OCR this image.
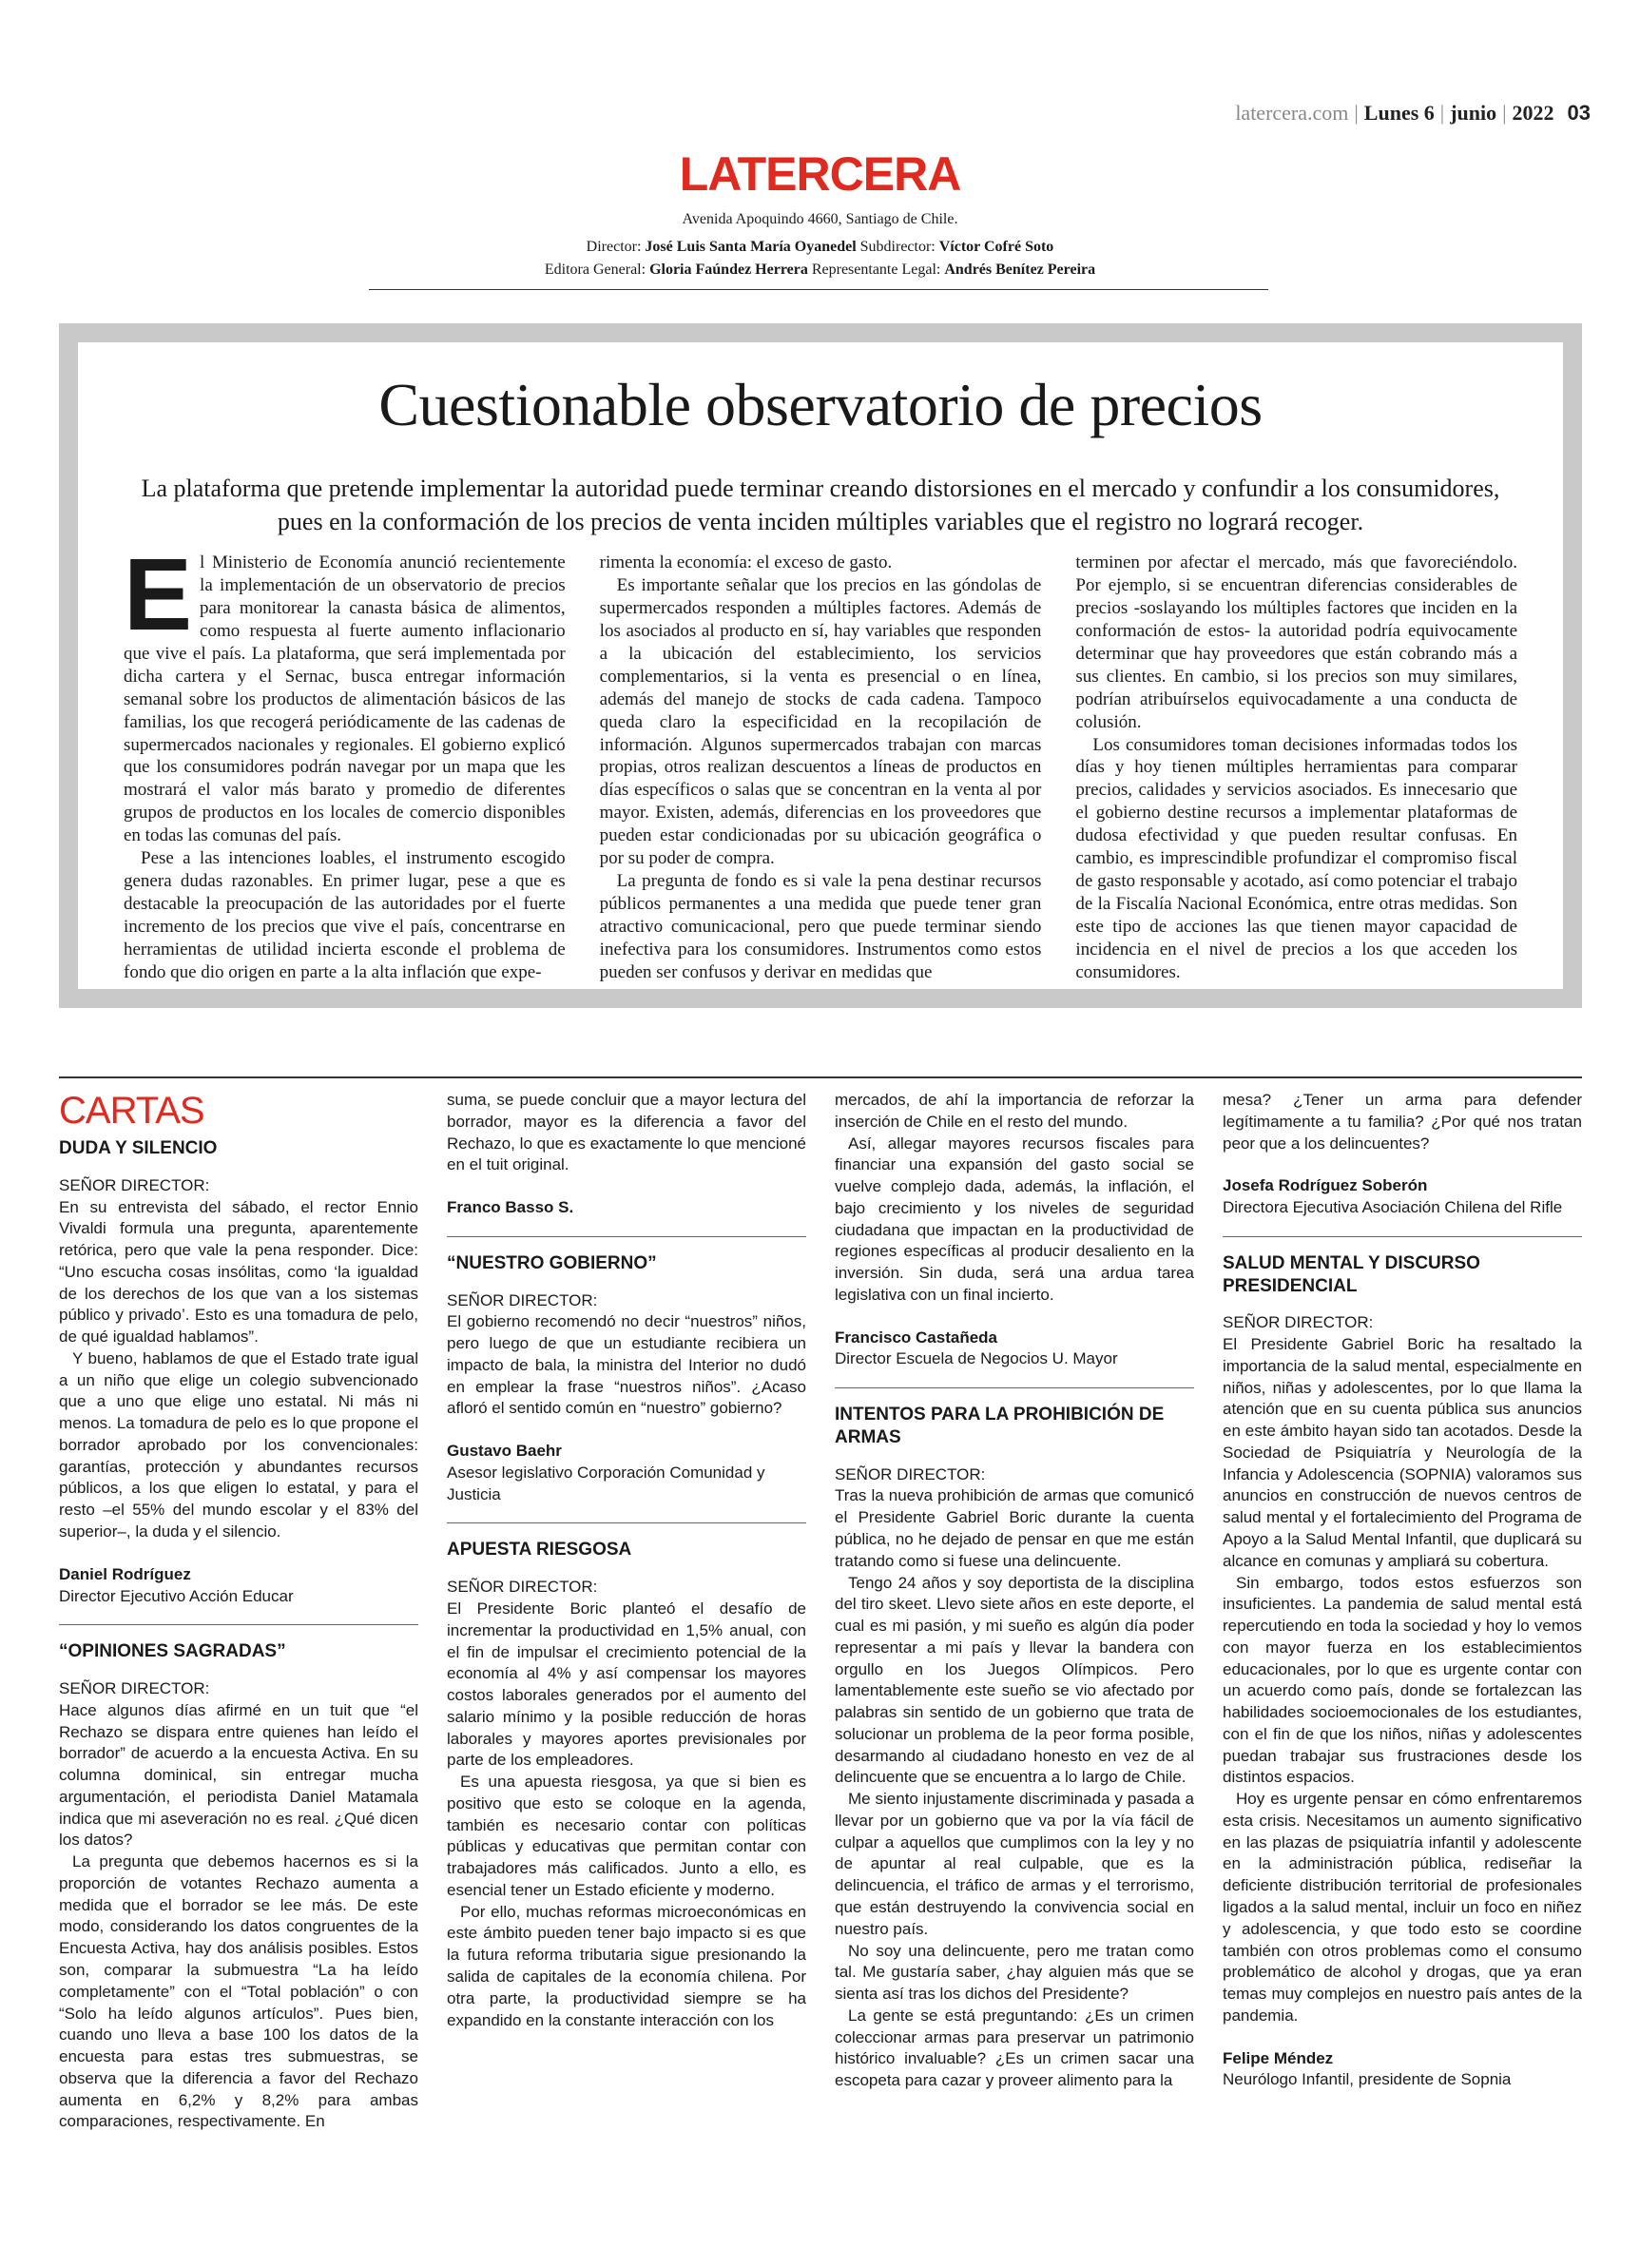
latercera.com | Lunes 6 | junio | 2022 03
LATERCERA
Avenida Apoquindo 4660, Santiago de Chile.
Director: José Luis Santa María Oyanedel Subdirector: Víctor Cofré Soto
Editora General: Gloria Faúndez Herrera Representante Legal: Andrés Benítez Pereira
Cuestionable observatorio de precios

La plataforma que pretende implementar la autoridad puede terminar creando distorsiones en el mercado y confundir a los consumidores, pues en la conformación de los precios de venta inciden múltiples variables que el registro no logrará recoger.

El Ministerio de Economía anunció recientemente la implementación de un observatorio de precios para monitorear la canasta básica de alimentos, como respuesta al fuerte aumento inflacionario que vive el país. La plataforma, que será implementada por dicha cartera y el Sernac, busca entregar información semanal sobre los productos de alimentación básicos de las familias, los que recogerá periódicamente de las cadenas de supermercados nacionales y regionales. El gobierno explicó que los consumidores podrán navegar por un mapa que les mostrará el valor más barato y promedio de diferentes grupos de productos en los locales de comercio disponibles en todas las comunas del país.

Pese a las intenciones loables, el instrumento escogido genera dudas razonables. En primer lugar, pese a que es destacable la preocupación de las autoridades por el fuerte incremento de los precios que vive el país, concentrarse en herramientas de utilidad incierta esconde el problema de fondo que dio origen en parte a la alta inflación que expe-

rimenta la economía: el exceso de gasto.

Es importante señalar que los precios en las góndolas de supermercados responden a múltiples factores. Además de los asociados al producto en sí, hay variables que responden a la ubicación del establecimiento, los servicios complementarios, si la venta es presencial o en línea, además del manejo de stocks de cada cadena. Tampoco queda claro la especificidad en la recopilación de información. Algunos supermercados trabajan con marcas propias, otros realizan descuentos a líneas de productos en días específicos o salas que se concentran en la venta al por mayor. Existen, además, diferencias en los proveedores que pueden estar condicionadas por su ubicación geográfica o por su poder de compra.

La pregunta de fondo es si vale la pena destinar recursos públicos permanentes a una medida que puede tener gran atractivo comunicacional, pero que puede terminar siendo inefectiva para los consumidores. Instrumentos como estos pueden ser confusos y derivar en medidas que

terminen por afectar el mercado, más que favoreciéndolo. Por ejemplo, si se encuentran diferencias considerables de precios -soslayando los múltiples factores que inciden en la conformación de estos- la autoridad podría equivocamente determinar que hay proveedores que están cobrando más a sus clientes. En cambio, si los precios son muy similares, podrían atribuírselos equivocadamente a una conducta de colusión.

Los consumidores toman decisiones informadas todos los días y hoy tienen múltiples herramientas para comparar precios, calidades y servicios asociados. Es innecesario que el gobierno destine recursos a implementar plataformas de dudosa efectividad y que pueden resultar confusas. En cambio, es imprescindible profundizar el compromiso fiscal de gasto responsable y acotado, así como potenciar el trabajo de la Fiscalía Nacional Económica, entre otras medidas. Son este tipo de acciones las que tienen mayor capacidad de incidencia en el nivel de precios a los que acceden los consumidores.

CARTAS
DUDA Y SILENCIO
SEÑOR DIRECTOR:

En su entrevista del sábado, el rector Ennio Vivaldi formula una pregunta, aparentemente retórica, pero que vale la pena responder. Dice: “Uno escucha cosas insólitas, como ‘la igualdad de los derechos de los que van a los sistemas público y privado’. Esto es una tomadura de pelo, de qué igualdad hablamos”.

Y bueno, hablamos de que el Estado trate igual a un niño que elige un colegio subvencionado que a uno que elige uno estatal. Ni más ni menos. La tomadura de pelo es lo que propone el borrador aprobado por los convencionales: garantías, protección y abundantes recursos públicos, a los que eligen lo estatal, y para el resto –el 55% del mundo escolar y el 83% del superior–, la duda y el silencio.

Daniel Rodríguez
Director Ejecutivo Acción Educar
“OPINIONES SAGRADAS”
SEÑOR DIRECTOR:

Hace algunos días afirmé en un tuit que “el Rechazo se dispara entre quienes han leído el borrador” de acuerdo a la encuesta Activa. En su columna dominical, sin entregar mucha argumentación, el periodista Daniel Matamala indica que mi aseveración no es real. ¿Qué dicen los datos?

La pregunta que debemos hacernos es si la proporción de votantes Rechazo aumenta a medida que el borrador se lee más. De este modo, considerando los datos congruentes de la Encuesta Activa, hay dos análisis posibles. Estos son, comparar la submuestra “La ha leído completamente” con el “Total población” o con “Solo ha leído algunos artículos”. Pues bien, cuando uno lleva a base 100 los datos de la encuesta para estas tres submuestras, se observa que la diferencia a favor del Rechazo aumenta en 6,2% y 8,2% para ambas comparaciones, respectivamente. En

suma, se puede concluir que a mayor lectura del borrador, mayor es la diferencia a favor del Rechazo, lo que es exactamente lo que mencioné en el tuit original.

Franco Basso S.
“NUESTRO GOBIERNO”
SEÑOR DIRECTOR:

El gobierno recomendó no decir “nuestros” niños, pero luego de que un estudiante recibiera un impacto de bala, la ministra del Interior no dudó en emplear la frase “nuestros niños”. ¿Acaso afloró el sentido común en “nuestro” gobierno?

Gustavo Baehr
Asesor legislativo Corporación Comunidad y Justicia
APUESTA RIESGOSA
SEÑOR DIRECTOR:

El Presidente Boric planteó el desafío de incrementar la productividad en 1,5% anual, con el fin de impulsar el crecimiento potencial de la economía al 4% y así compensar los mayores costos laborales generados por el aumento del salario mínimo y la posible reducción de horas laborales y mayores aportes previsionales por parte de los empleadores.

Es una apuesta riesgosa, ya que si bien es positivo que esto se coloque en la agenda, también es necesario contar con políticas públicas y educativas que permitan contar con trabajadores más calificados. Junto a ello, es esencial tener un Estado eficiente y moderno.

Por ello, muchas reformas microeconómicas en este ámbito pueden tener bajo impacto si es que la futura reforma tributaria sigue presionando la salida de capitales de la economía chilena. Por otra parte, la productividad siempre se ha expandido en la constante interacción con los

mercados, de ahí la importancia de reforzar la inserción de Chile en el resto del mundo.

Así, allegar mayores recursos fiscales para financiar una expansión del gasto social se vuelve complejo dada, además, la inflación, el bajo crecimiento y los niveles de seguridad ciudadana que impactan en la productividad de regiones específicas al producir desaliento en la inversión. Sin duda, será una ardua tarea legislativa con un final incierto.

Francisco Castañeda
Director Escuela de Negocios U. Mayor
INTENTOS PARA LA PROHIBICIÓN DE ARMAS
SEÑOR DIRECTOR:

Tras la nueva prohibición de armas que comunicó el Presidente Gabriel Boric durante la cuenta pública, no he dejado de pensar en que me están tratando como si fuese una delincuente.

Tengo 24 años y soy deportista de la disciplina del tiro skeet. Llevo siete años en este deporte, el cual es mi pasión, y mi sueño es algún día poder representar a mi país y llevar la bandera con orgullo en los Juegos Olímpicos. Pero lamentablemente este sueño se vio afectado por palabras sin sentido de un gobierno que trata de solucionar un problema de la peor forma posible, desarmando al ciudadano honesto en vez de al delincuente que se encuentra a lo largo de Chile.

Me siento injustamente discriminada y pasada a llevar por un gobierno que va por la vía fácil de culpar a aquellos que cumplimos con la ley y no de apuntar al real culpable, que es la delincuencia, el tráfico de armas y el terrorismo, que están destruyendo la convivencia social en nuestro país.

No soy una delincuente, pero me tratan como tal. Me gustaría saber, ¿hay alguien más que se sienta así tras los dichos del Presidente?

La gente se está preguntando: ¿Es un crimen coleccionar armas para preservar un patrimonio histórico invaluable? ¿Es un crimen sacar una escopeta para cazar y proveer alimento para la

mesa? ¿Tener un arma para defender legítimamente a tu familia? ¿Por qué nos tratan peor que a los delincuentes?

Josefa Rodríguez Soberón
Directora Ejecutiva Asociación Chilena del Rifle
SALUD MENTAL Y DISCURSO PRESIDENCIAL
SEÑOR DIRECTOR:

El Presidente Gabriel Boric ha resaltado la importancia de la salud mental, especialmente en niños, niñas y adolescentes, por lo que llama la atención que en su cuenta pública sus anuncios en este ámbito hayan sido tan acotados. Desde la Sociedad de Psiquiatría y Neurología de la Infancia y Adolescencia (SOPNIA) valoramos sus anuncios en construcción de nuevos centros de salud mental y el fortalecimiento del Programa de Apoyo a la Salud Mental Infantil, que duplicará su alcance en comunas y ampliará su cobertura.

Sin embargo, todos estos esfuerzos son insuficientes. La pandemia de salud mental está repercutiendo en toda la sociedad y hoy lo vemos con mayor fuerza en los establecimientos educacionales, por lo que es urgente contar con un acuerdo como país, donde se fortalezcan las habilidades socioemocionales de los estudiantes, con el fin de que los niños, niñas y adolescentes puedan trabajar sus frustraciones desde los distintos espacios.

Hoy es urgente pensar en cómo enfrentaremos esta crisis. Necesitamos un aumento significativo en las plazas de psiquiatría infantil y adolescente en la administración pública, rediseñar la deficiente distribución territorial de profesionales ligados a la salud mental, incluir un foco en niñez y adolescencia, y que todo esto se coordine también con otros problemas como el consumo problemático de alcohol y drogas, que ya eran temas muy complejos en nuestro país antes de la pandemia.

Felipe Méndez
Neurólogo Infantil, presidente de Sopnia
